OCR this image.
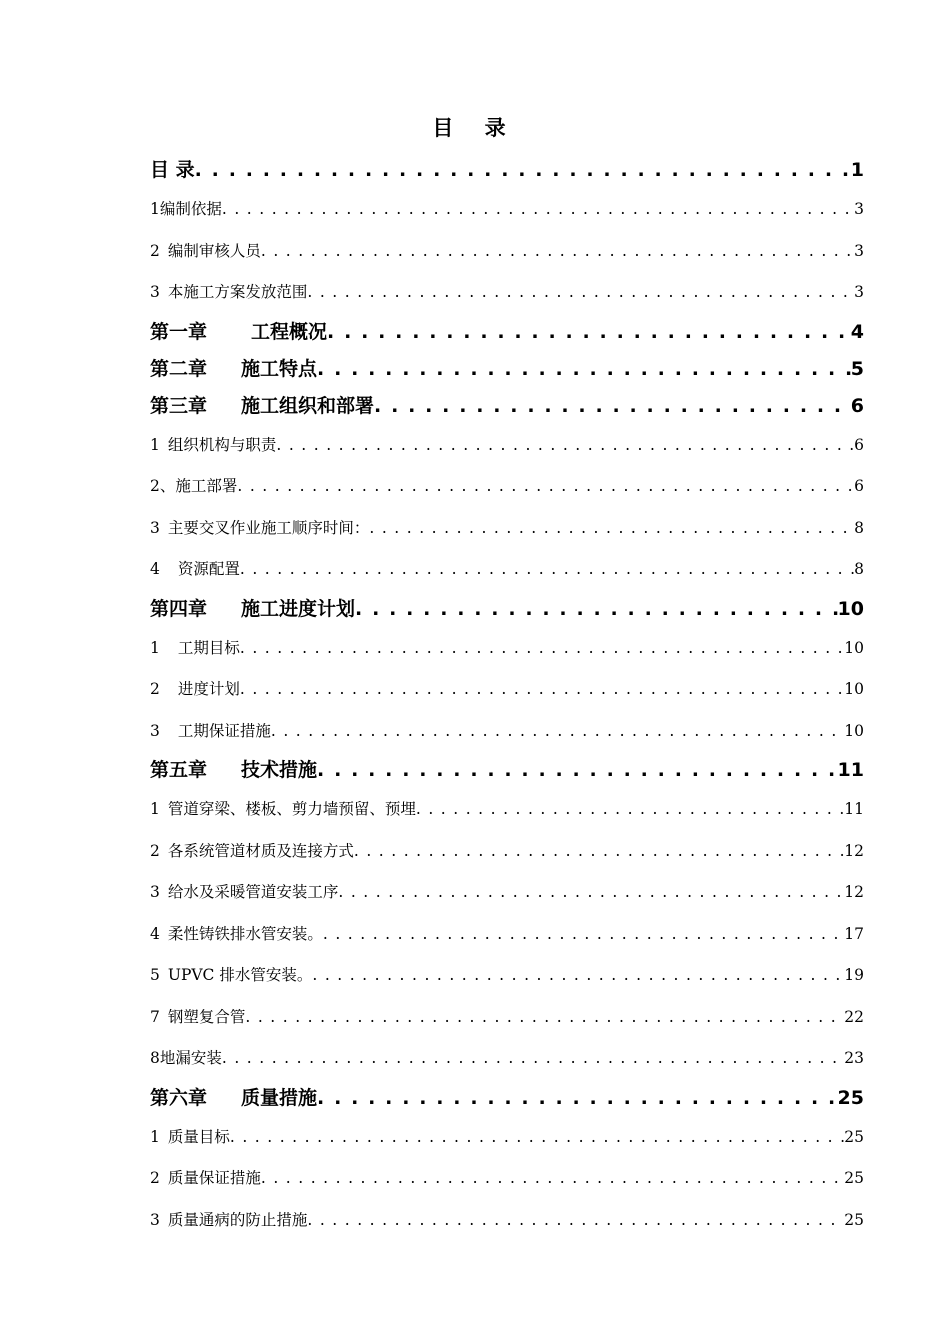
目 录
目 录 . . .	1
1编制依据 . . .	3
2 编制审核人员 . . .	3
3 本施工方案发放范围 . . .	3
第一章 工程概况 . . .	4
第二章 施工特点 . . .	5
第三章 施工组织和部署 . . .	6
1 组织机构与职责 . . .	6
2、施工部署 . . .	6
3 主要交叉作业施工顺序时间： . . .	8
4 资源配置 . . .	8
第四章 施工进度计划 . . .	10
1 工期目标 . . .	10
2 进度计划 . . .	10
3 工期保证措施 . . .	10
第五章 技术措施 . . .	11
1 管道穿梁、楼板、剪力墙预留、预埋 . . .	11
2 各系统管道材质及连接方式 . . .	12
3 给水及采暖管道安装工序 . . .	12
4 柔性铸铁排水管安装。 . . .	17
5 UPVC 排水管安装。 . . .	19
7 钢塑复合管 . . .	22
8地漏安装 . . .	23
第六章 质量措施 . . .	25
1 质量目标 . . .	25
2 质量保证措施 . . .	25
3 质量通病的防止措施 . . .	25
